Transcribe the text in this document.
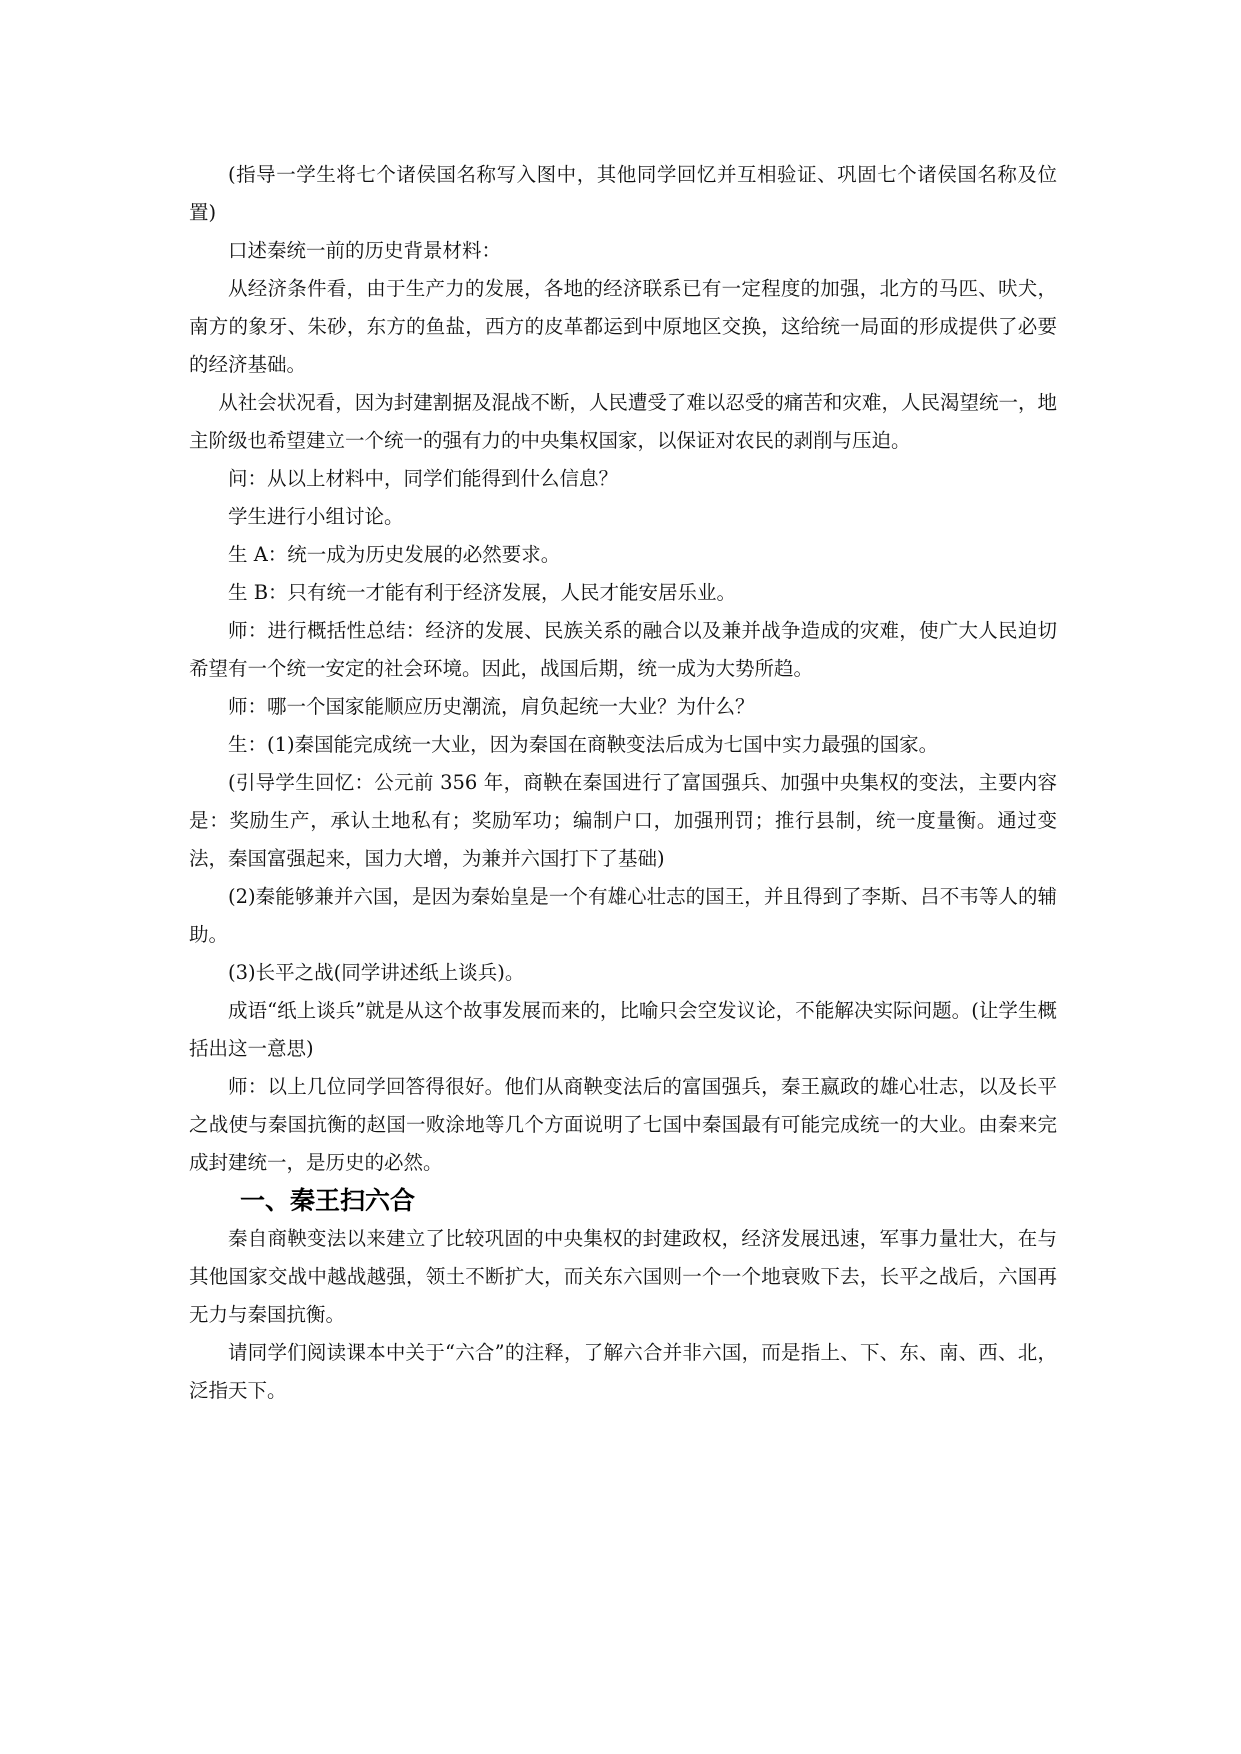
(指导一学生将七个诸侯国名称写入图中，其他同学回忆并互相验证、巩固七个诸侯国名称及位置)

口述秦统一前的历史背景材料：

从经济条件看，由于生产力的发展，各地的经济联系已有一定程度的加强，北方的马匹、吠犬，南方的象牙、朱砂，东方的鱼盐，西方的皮革都运到中原地区交换，这给统一局面的形成提供了必要的经济基础。

从社会状况看，因为封建割据及混战不断，人民遭受了难以忍受的痛苦和灾难，人民渴望统一，地主阶级也希望建立一个统一的强有力的中央集权国家，以保证对农民的剥削与压迫。

问：从以上材料中，同学们能得到什么信息？

学生进行小组讨论。

生 A：统一成为历史发展的必然要求。

生 B：只有统一才能有利于经济发展，人民才能安居乐业。

师：进行概括性总结：经济的发展、民族关系的融合以及兼并战争造成的灾难，使广大人民迫切希望有一个统一安定的社会环境。因此，战国后期，统一成为大势所趋。

师：哪一个国家能顺应历史潮流，肩负起统一大业？为什么？

生：(1)秦国能完成统一大业，因为秦国在商鞅变法后成为七国中实力最强的国家。

(引导学生回忆：公元前 356 年，商鞅在秦国进行了富国强兵、加强中央集权的变法，主要内容是：奖励生产，承认土地私有；奖励军功；编制户口，加强刑罚；推行县制，统一度量衡。通过变法，秦国富强起来，国力大增，为兼并六国打下了基础)

(2)秦能够兼并六国，是因为秦始皇是一个有雄心壮志的国王，并且得到了李斯、吕不韦等人的辅助。

(3)长平之战(同学讲述纸上谈兵)。

成语“纸上谈兵”就是从这个故事发展而来的，比喻只会空发议论，不能解决实际问题。(让学生概括出这一意思)

师：以上几位同学回答得很好。他们从商鞅变法后的富国强兵，秦王嬴政的雄心壮志，以及长平之战使与秦国抗衡的赵国一败涂地等几个方面说明了七国中秦国最有可能完成统一的大业。由秦来完成封建统一，是历史的必然。

一、秦王扫六合

秦自商鞅变法以来建立了比较巩固的中央集权的封建政权，经济发展迅速，军事力量壮大，在与其他国家交战中越战越强，领土不断扩大，而关东六国则一个一个地衰败下去，长平之战后，六国再无力与秦国抗衡。

请同学们阅读课本中关于“六合”的注释，了解六合并非六国，而是指上、下、东、南、西、北，泛指天下。
